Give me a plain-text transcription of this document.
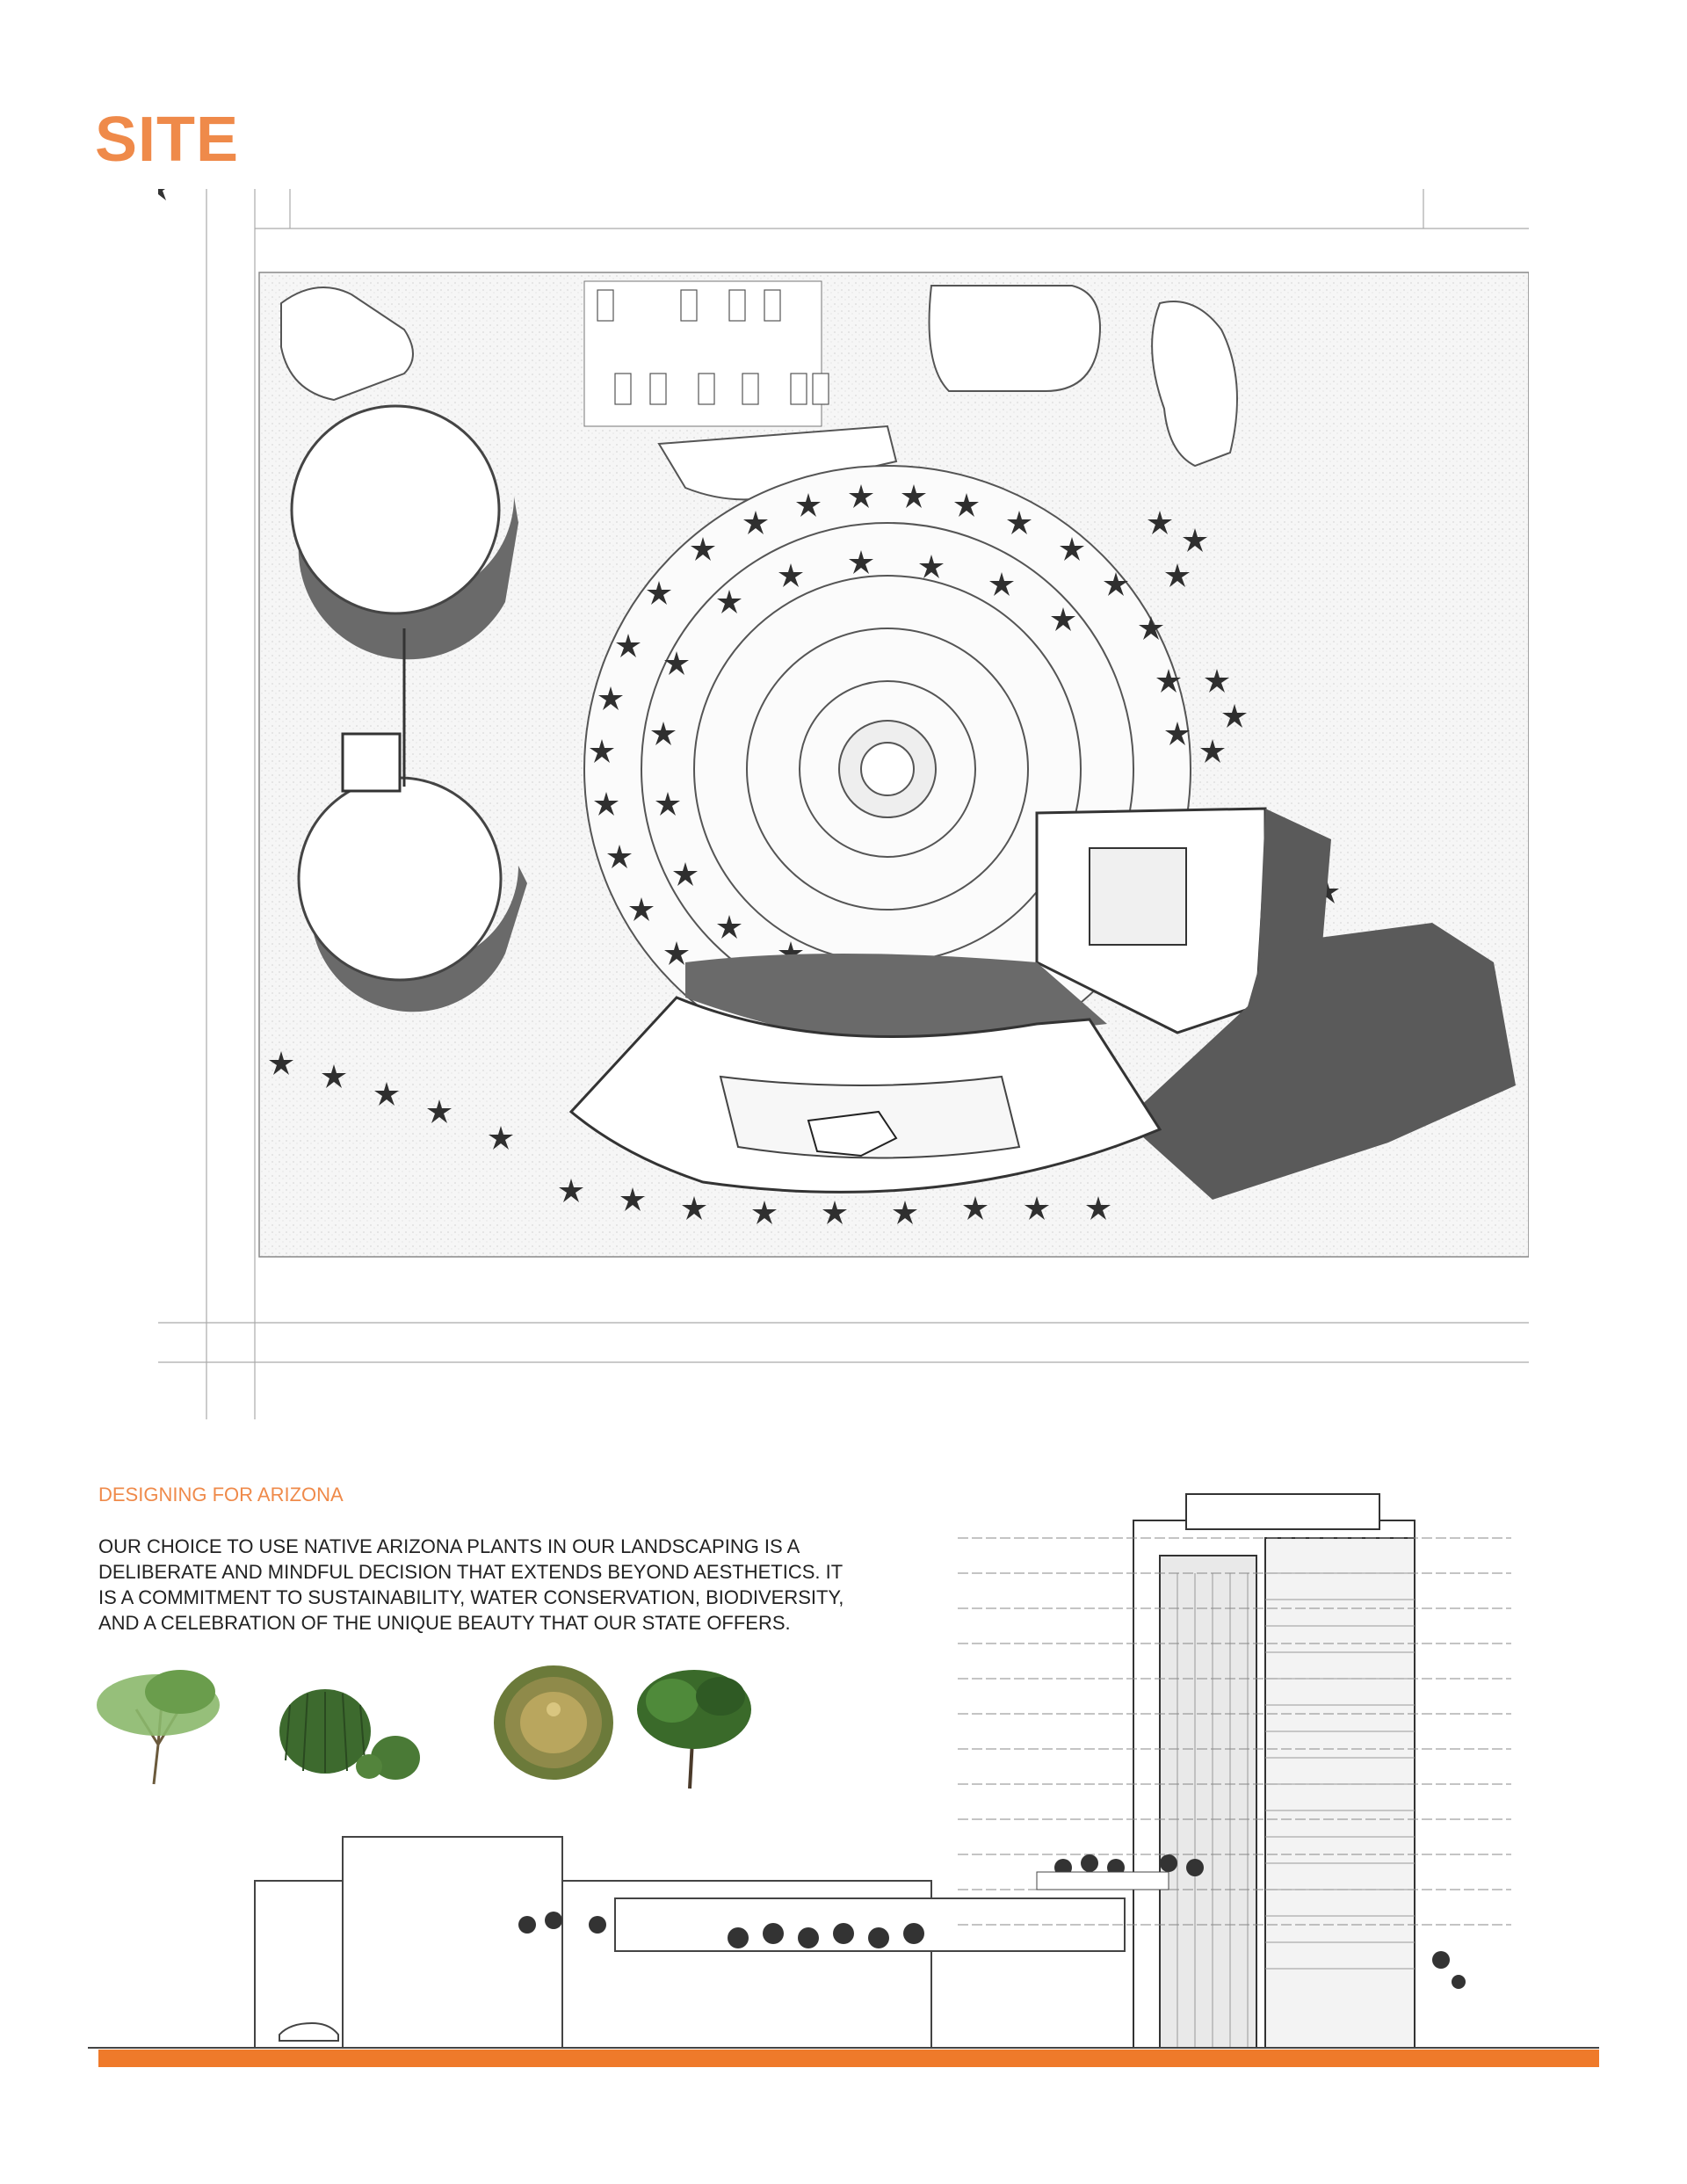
SITE
DESIGNING FOR ARIZONA
OUR CHOICE TO USE NATIVE ARIZONA PLANTS IN OUR LANDSCAPING IS A DELIBERATE AND MINDFUL DECISION THAT EXTENDS BEYOND AESTHETICS. IT IS A COMMITMENT TO SUSTAINABILITY, WATER CONSERVATION, BIODIVERSITY, AND A CELEBRATION OF THE UNIQUE BEAUTY THAT OUR STATE OFFERS.
